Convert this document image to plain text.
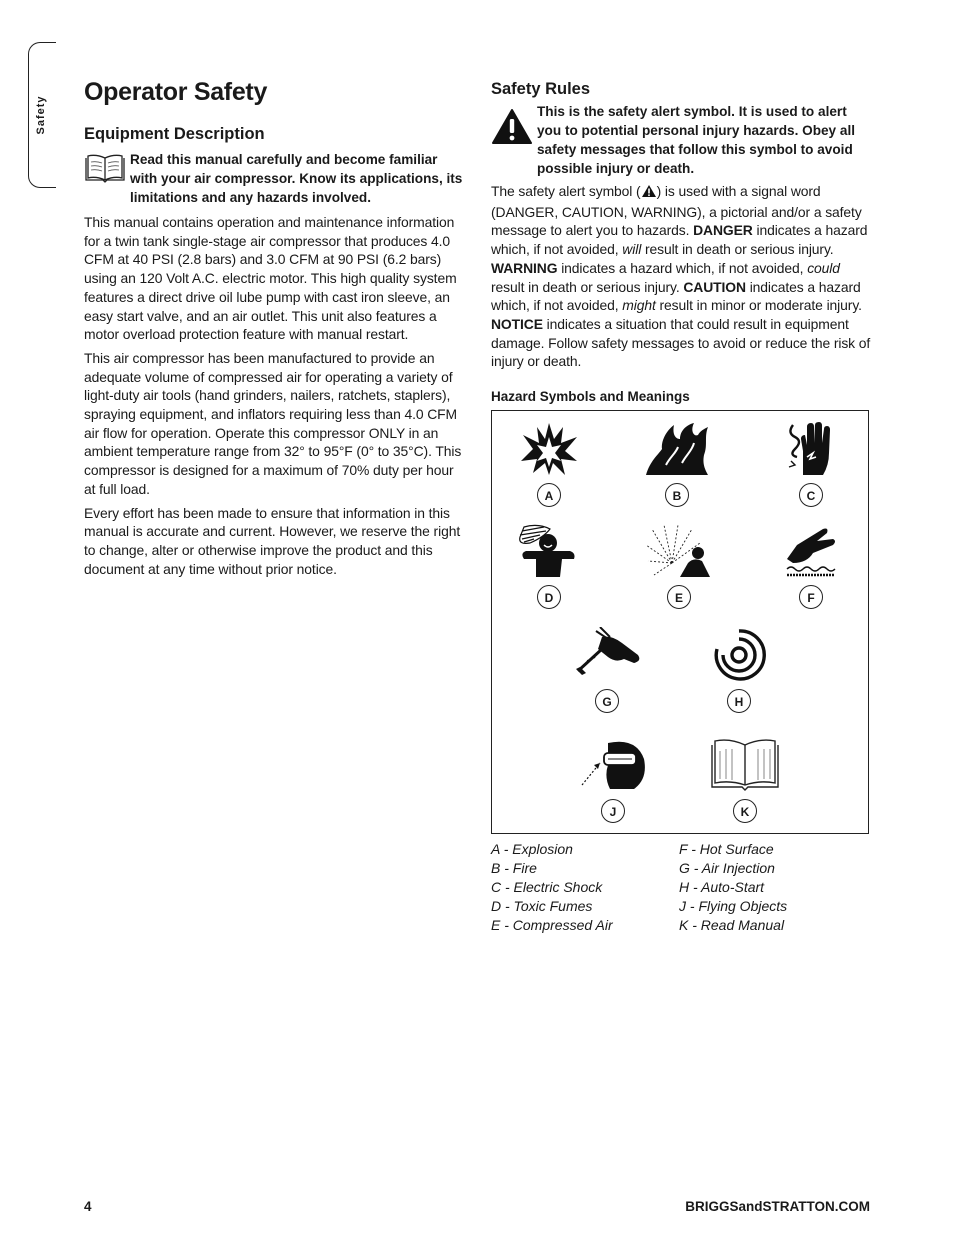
Safety
Operator Safety
Equipment Description
Read this manual carefully and become familiar with your air compressor. Know its applications, its limitations and any hazards involved.

This manual contains operation and maintenance information for a twin tank single-stage air compressor that produces 4.0 CFM at 40 PSI (2.8 bars) and 3.0 CFM at 90 PSI (6.2 bars) using an 120 Volt A.C. electric motor. This high quality system features a direct drive oil lube pump with cast iron sleeve, an easy start valve, and an air outlet. This unit also features a motor overload protection feature with manual restart.

This air compressor has been manufactured to provide an adequate volume of compressed air for operating a variety of light-duty air tools (hand grinders, nailers, ratchets, staplers), spraying equipment, and inflators requiring less than 4.0 CFM air flow for operation. Operate this compressor ONLY in an ambient temperature range from 32° to 95°F (0° to 35°C). This compressor is designed for a maximum of 70% duty per hour at full load.

Every effort has been made to ensure that information in this manual is accurate and current. However, we reserve the right to change, alter or otherwise improve the product and this document at any time without prior notice.

Safety Rules
This is the safety alert symbol. It is used to alert you to potential personal injury hazards. Obey all safety messages that follow this symbol to avoid possible injury or death.

The safety alert symbol ( ) is used with a signal word (DANGER, CAUTION, WARNING), a pictorial and/or a safety message to alert you to hazards. DANGER indicates a hazard which, if not avoided, will result in death or serious injury. WARNING indicates a hazard which, if not avoided, could result in death or serious injury. CAUTION indicates a hazard which, if not avoided, might result in minor or moderate injury. NOTICE indicates a situation that could result in equipment damage. Follow safety messages to avoid or reduce the risk of injury or death.

Hazard Symbols and Meanings
A	B	C
D	E	F
G	H
J	K
A - Explosion
B - Fire
C - Electric Shock
D - Toxic Fumes
E - Compressed Air
F - Hot Surface
G - Air Injection
H - Auto-Start
J - Flying Objects
K - Read Manual
4	BRIGGSandSTRATTON.COM
